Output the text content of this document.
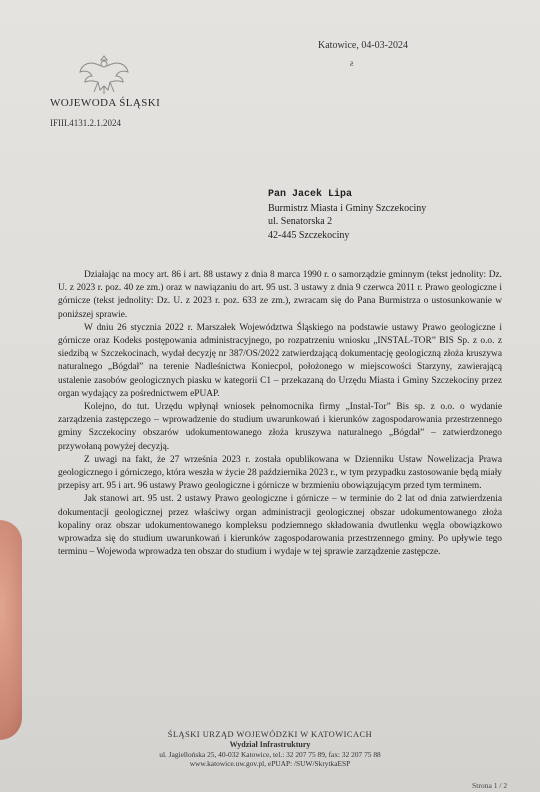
WOJEWODA ŚLĄSKI
IFIII.4131.2.1.2024
Katowice, 04-03-2024
ƨ
Pan Jacek Lipa
Burmistrz Miasta i Gminy Szczekociny
ul. Senatorska 2
42-445 Szczekociny

Działając na mocy art. 86 i art. 88 ustawy z dnia 8 marca 1990 r. o samorządzie gminnym (tekst jednolity: Dz. U. z 2023 r. poz. 40 ze zm.) oraz w nawiązaniu do art. 95 ust. 3 ustawy z dnia 9 czerwca 2011 r. Prawo geologiczne i górnicze (tekst jednolity: Dz. U. z 2023 r. poz. 633 ze zm.), zwracam się do Pana Burmistrza o ustosunkowanie w poniższej sprawie.

W dniu 26 stycznia 2022 r. Marszałek Województwa Śląskiego na podstawie ustawy Prawo geologiczne i górnicze oraz Kodeks postępowania administracyjnego, po rozpatrzeniu wniosku „INSTAL-TOR” BIS Sp. z o.o. z siedzibą w Szczekocinach, wydał decyzję nr 387/OS/2022 zatwierdzającą dokumentację geologiczną złoża kruszywa naturalnego „Bógdał” na terenie Nadleśnictwa Koniecpol, położonego w miejscowości Starzyny, zawierającą ustalenie zasobów geologicznych piasku w kategorii C1 – przekazaną do Urzędu Miasta i Gminy Szczekociny przez organ wydający za pośrednictwem ePUAP.

Kolejno, do tut. Urzędu wpłynął wniosek pełnomocnika firmy „Instal-Tor” Bis sp. z o.o. o wydanie zarządzenia zastępczego – wprowadzenie do studium uwarunkowań i kierunków zagospodarowania przestrzennego gminy Szczekociny obszarów udokumentowanego złoża kruszywa naturalnego „Bógdał” – zatwierdzonego przywołaną powyżej decyzją.

Z uwagi na fakt, że 27 września 2023 r. została opublikowana w Dzienniku Ustaw Nowelizacja Prawa geologicznego i górniczego, która weszła w życie 28 października 2023 r., w tym przypadku zastosowanie będą miały przepisy art. 95 i art. 96 ustawy Prawo geologiczne i górnicze w brzmieniu obowiązującym przed tym terminem.

Jak stanowi art. 95 ust. 2 ustawy Prawo geologiczne i górnicze – w terminie do 2 lat od dnia zatwierdzenia dokumentacji geologicznej przez właściwy organ administracji geologicznej obszar udokumentowanego złoża kopaliny oraz obszar udokumentowanego kompleksu podziemnego składowania dwutlenku węgla obowiązkowo wprowadza się do studium uwarunkowań i kierunków zagospodarowania przestrzennego gminy. Po upływie tego terminu – Wojewoda wprowadza ten obszar do studium i wydaje w tej sprawie zarządzenie zastępcze.

ŚLĄSKI URZĄD WOJEWÓDZKI W KATOWICACH
Wydział Infrastruktury
ul. Jagiellońska 25, 40-032 Katowice, tel.: 32 207 75 89, fax: 32 207 75 88
www.katowice.uw.gov.pl, ePUAP: /SUW/SkrytkaESP
Strona 1 / 2
